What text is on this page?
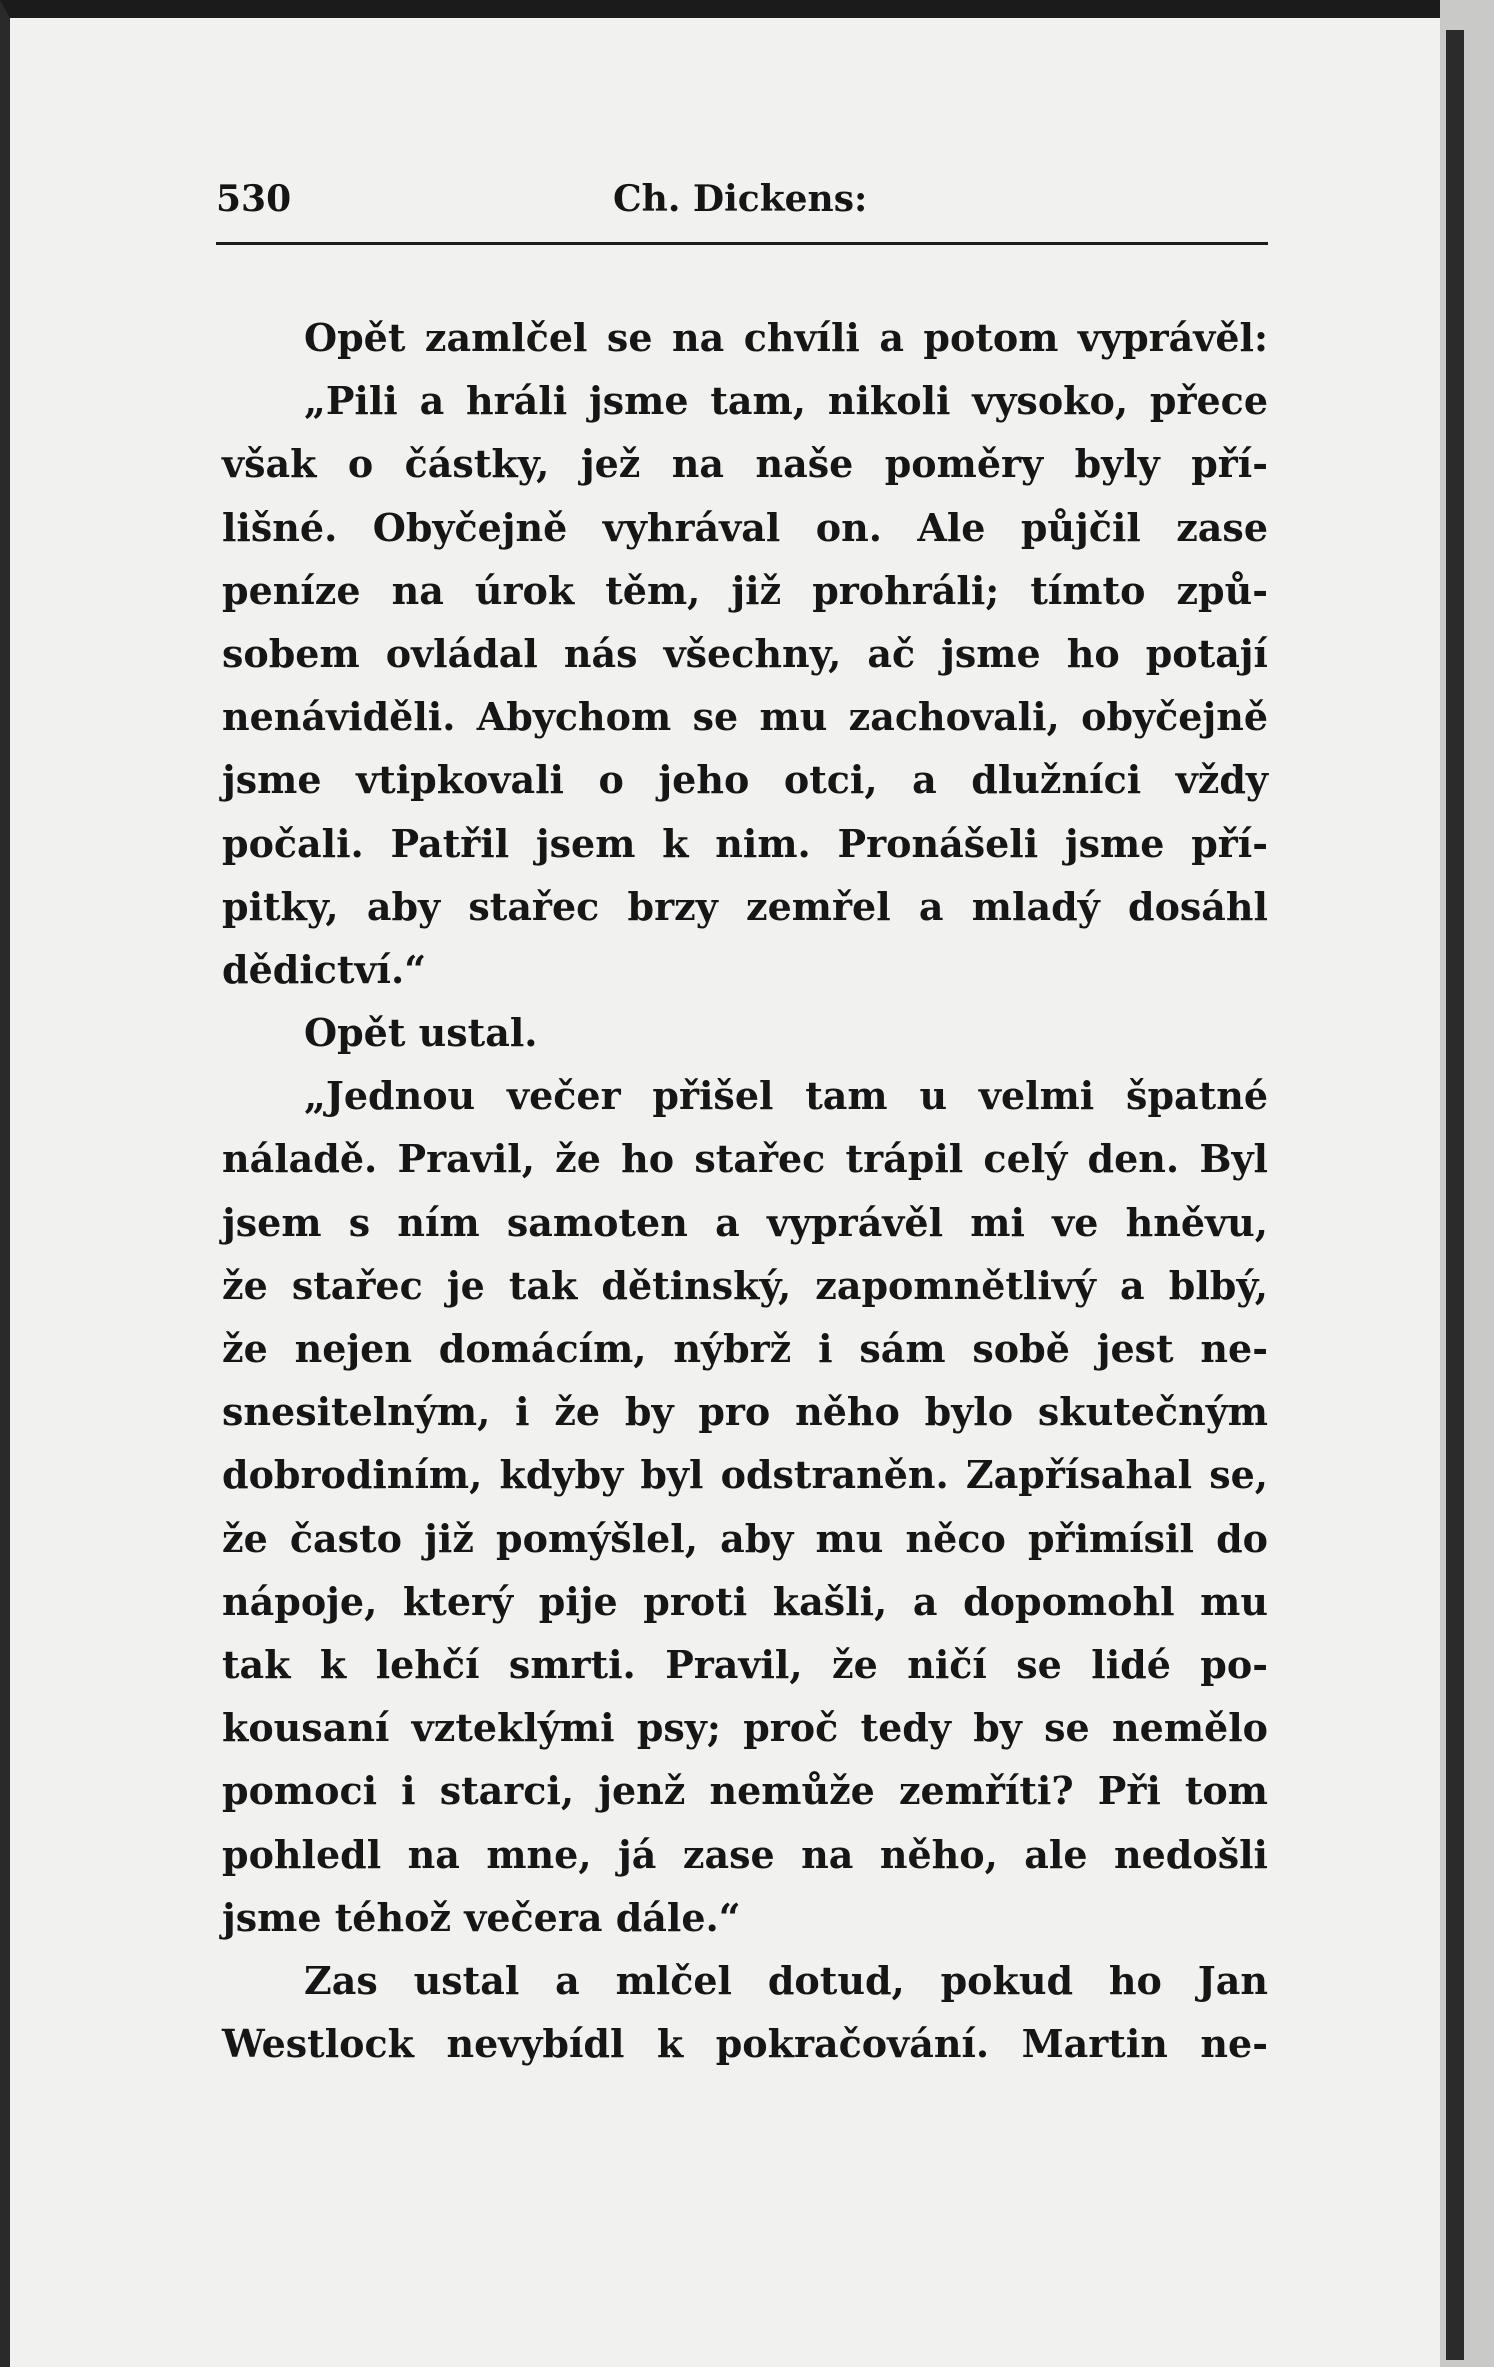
530	Ch. Dickens:
Opět zamlčel se na chvíli a potom vyprávěl:
„Pili a hráli jsme tam, nikoli vysoko, přece
však o částky, jež na naše poměry byly pří-
lišné. Obyčejně vyhrával on. Ale půjčil zase
peníze na úrok těm, již prohráli; tímto způ-
sobem ovládal nás všechny, ač jsme ho potají
nenáviděli. Abychom se mu zachovali, obyčejně
jsme vtipkovali o jeho otci, a dlužníci vždy
počali. Patřil jsem k nim. Pronášeli jsme pří-
pitky, aby stařec brzy zemřel a mladý dosáhl
dědictví.“
Opět ustal.
„Jednou večer přišel tam u velmi špatné
náladě. Pravil, že ho stařec trápil celý den. Byl
jsem s ním samoten a vyprávěl mi ve hněvu,
že stařec je tak dětinský, zapomnětlivý a blbý,
že nejen domácím, nýbrž i sám sobě jest ne-
snesitelným, i že by pro něho bylo skutečným
dobrodiním, kdyby byl odstraněn. Zapřísahal se,
že často již pomýšlel, aby mu něco přimísil do
nápoje, který pije proti kašli, a dopomohl mu
tak k lehčí smrti. Pravil, že ničí se lidé po-
kousaní vzteklými psy; proč tedy by se nemělo
pomoci i starci, jenž nemůže zemříti? Při tom
pohledl na mne, já zase na něho, ale nedošli
jsme téhož večera dále.“
Zas ustal a mlčel dotud, pokud ho Jan
Westlock nevybídl k pokračování. Martin ne-
